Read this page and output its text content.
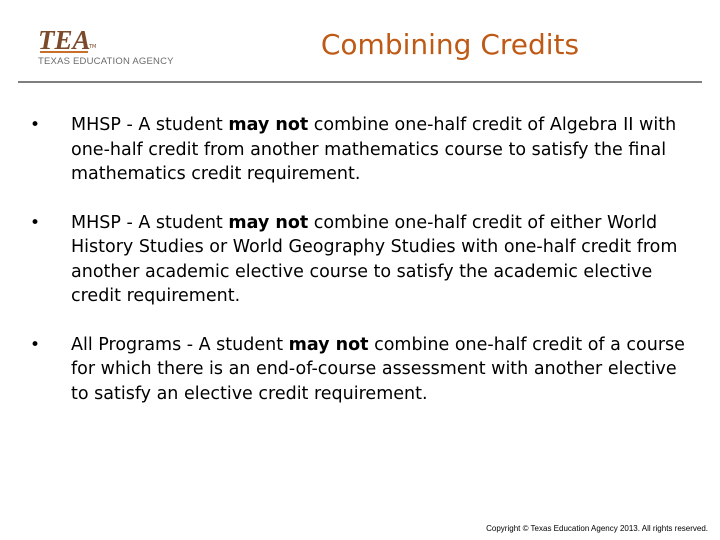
TEA
TM
TEXAS EDUCATION AGENCY
Combining Credits
• MHSP - A student may not combine one-half credit of Algebra II with one-half credit from another mathematics course to satisfy the final mathematics credit requirement.
• MHSP - A student may not combine one-half credit of either World History Studies or World Geography Studies with one-half credit from another academic elective course to satisfy the academic elective credit requirement.
• All Programs - A student may not combine one-half credit of a course for which there is an end-of-course assessment with another elective to satisfy an elective credit requirement.
Copyright © Texas Education Agency 2013. All rights reserved.
